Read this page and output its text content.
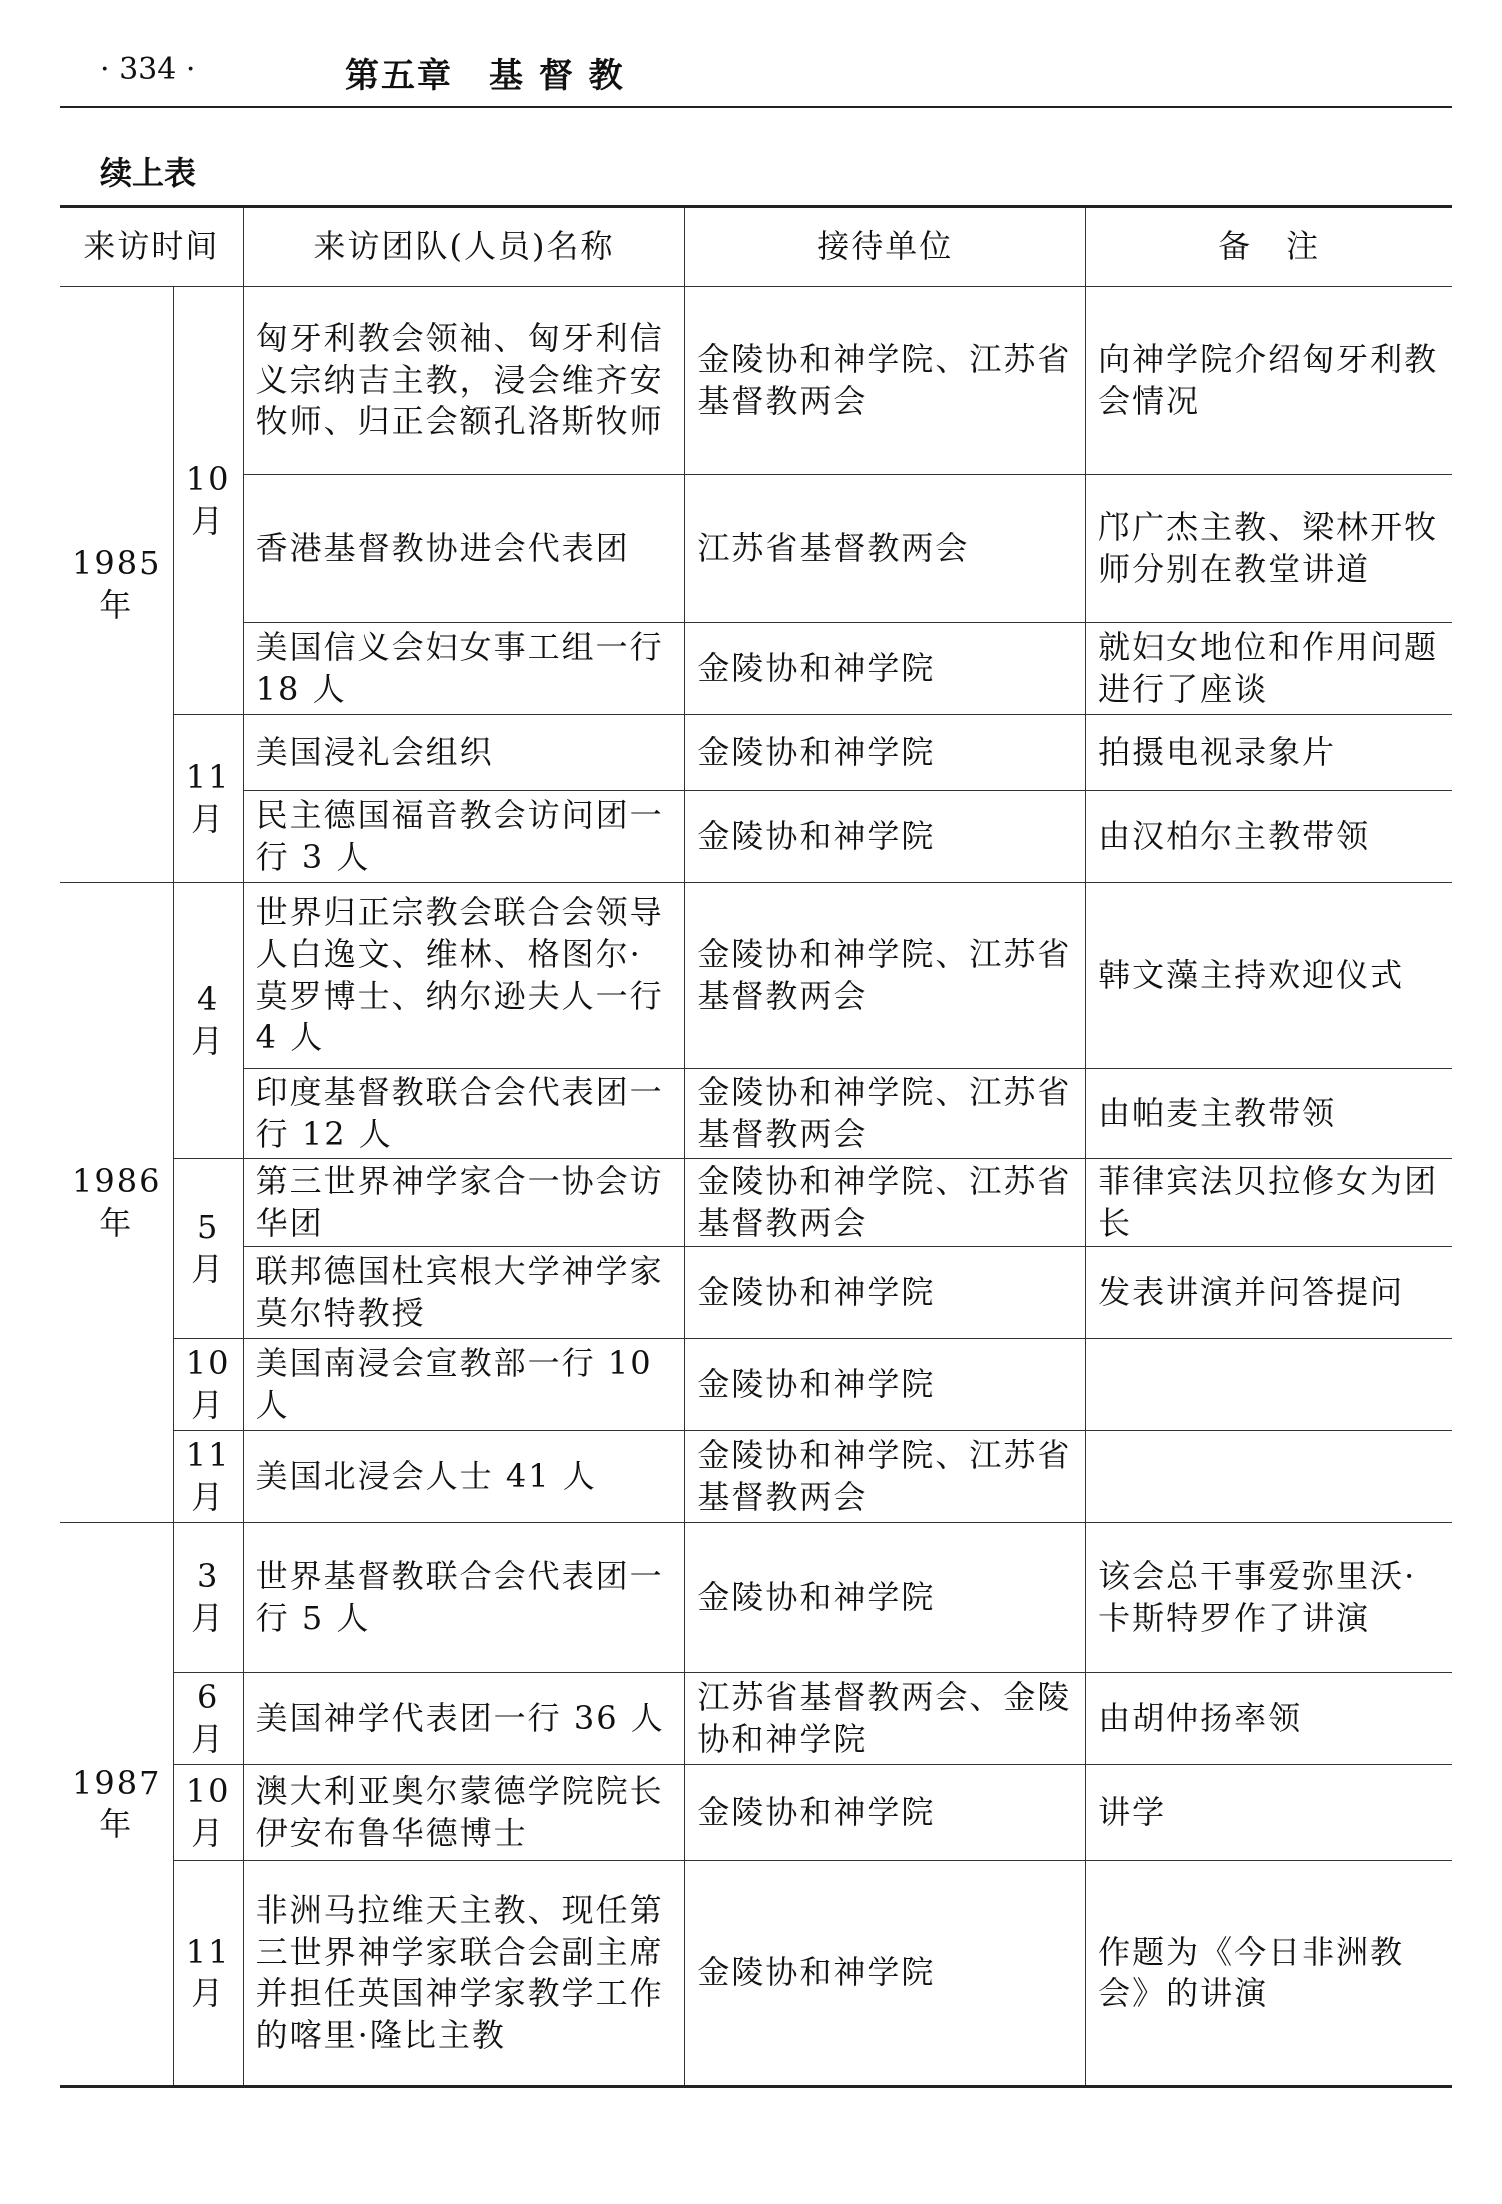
· 334 ·	第五章　基 督 教
续上表
来访时间		来访团队(人员)名称	接待单位	备　注
1985 年	10 月	匈牙利教会领袖、匈牙利信义宗纳吉主教，浸会维齐安牧师、归正会额孔洛斯牧师	金陵协和神学院、江苏省基督教两会	向神学院介绍匈牙利教会情况
		香港基督教协进会代表团	江苏省基督教两会	邝广杰主教、梁林开牧师分别在教堂讲道
		美国信义会妇女事工组一行 18 人	金陵协和神学院	就妇女地位和作用问题进行了座谈
	11 月	美国浸礼会组织	金陵协和神学院	拍摄电视录象片
		民主德国福音教会访问团一行 3 人	金陵协和神学院	由汉柏尔主教带领
1986 年	4 月	世界归正宗教会联合会领导人白逸文、维林、格图尔·莫罗博士、纳尔逊夫人一行 4 人	金陵协和神学院、江苏省基督教两会	韩文藻主持欢迎仪式
		印度基督教联合会代表团一行 12 人	金陵协和神学院、江苏省基督教两会	由帕麦主教带领
	5 月	第三世界神学家合一协会访华团	金陵协和神学院、江苏省基督教两会	菲律宾法贝拉修女为团长
		联邦德国杜宾根大学神学家莫尔特教授	金陵协和神学院	发表讲演并问答提问
	10 月	美国南浸会宣教部一行 10 人	金陵协和神学院	
	11 月	美国北浸会人士 41 人	金陵协和神学院、江苏省基督教两会	
1987 年	3 月	世界基督教联合会代表团一行 5 人	金陵协和神学院	该会总干事爱弥里沃·卡斯特罗作了讲演
	6 月	美国神学代表团一行 36 人	江苏省基督教两会、金陵协和神学院	由胡仲扬率领
	10 月	澳大利亚奥尔蒙德学院院长伊安布鲁华德博士	金陵协和神学院	讲学
	11 月	非洲马拉维天主教、现任第三世界神学家联合会副主席并担任英国神学家教学工作的喀里·隆比主教	金陵协和神学院	作题为《今日非洲教会》的讲演
